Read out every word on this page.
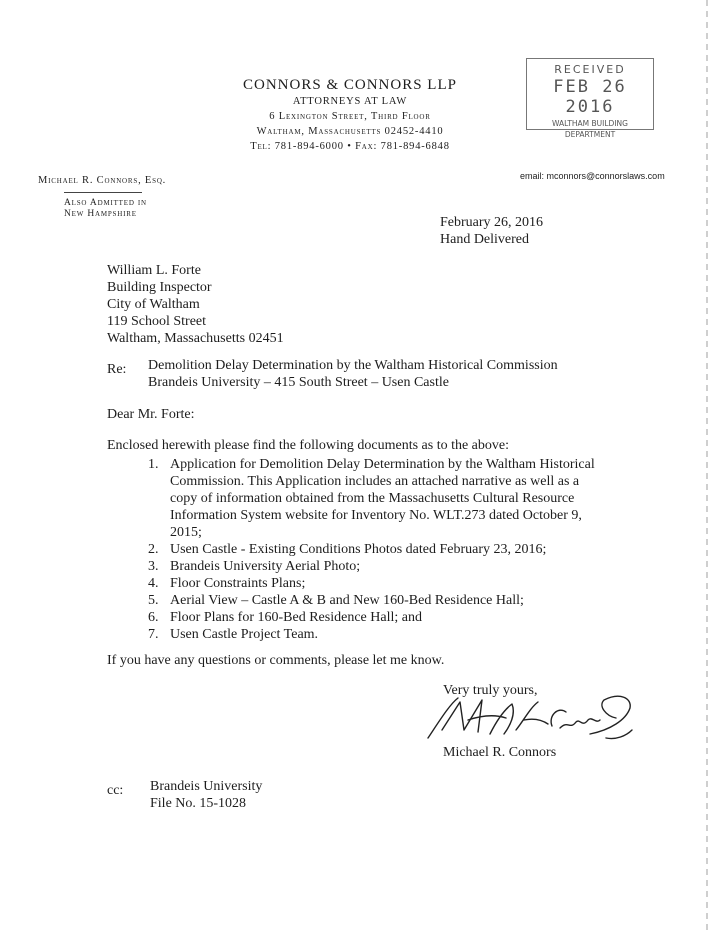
CONNORS & CONNORS LLP
ATTORNEYS AT LAW
6 Lexington Street, Third Floor
Waltham, Massachusetts 02452-4410
Tel: 781-894-6000 • Fax: 781-894-6848
RECEIVED
FEB 26 2016
WALTHAM BUILDING
DEPARTMENT
Michael R. Connors, Esq.	email: mconnors@connorslaws.com
Also Admitted in
New Hampshire
February 26, 2016
Hand Delivered
William L. Forte
Building Inspector
City of Waltham
119 School Street
Waltham, Massachusetts 02451
Re: Demolition Delay Determination by the Waltham Historical Commission
Brandeis University – 415 South Street – Usen Castle
Dear Mr. Forte:
Enclosed herewith please find the following documents as to the above:
1. Application for Demolition Delay Determination by the Waltham Historical
Commission. This Application includes an attached narrative as well as a
copy of information obtained from the Massachusetts Cultural Resource
Information System website for Inventory No. WLT.273 dated October 9,
2015;
2. Usen Castle - Existing Conditions Photos dated February 23, 2016;
3. Brandeis University Aerial Photo;
4. Floor Constraints Plans;
5. Aerial View – Castle A & B and New 160-Bed Residence Hall;
6. Floor Plans for 160-Bed Residence Hall; and
7. Usen Castle Project Team.
If you have any questions or comments, please let me know.
Very truly yours,
Michael R. Connors
cc: Brandeis University
File No. 15-1028
